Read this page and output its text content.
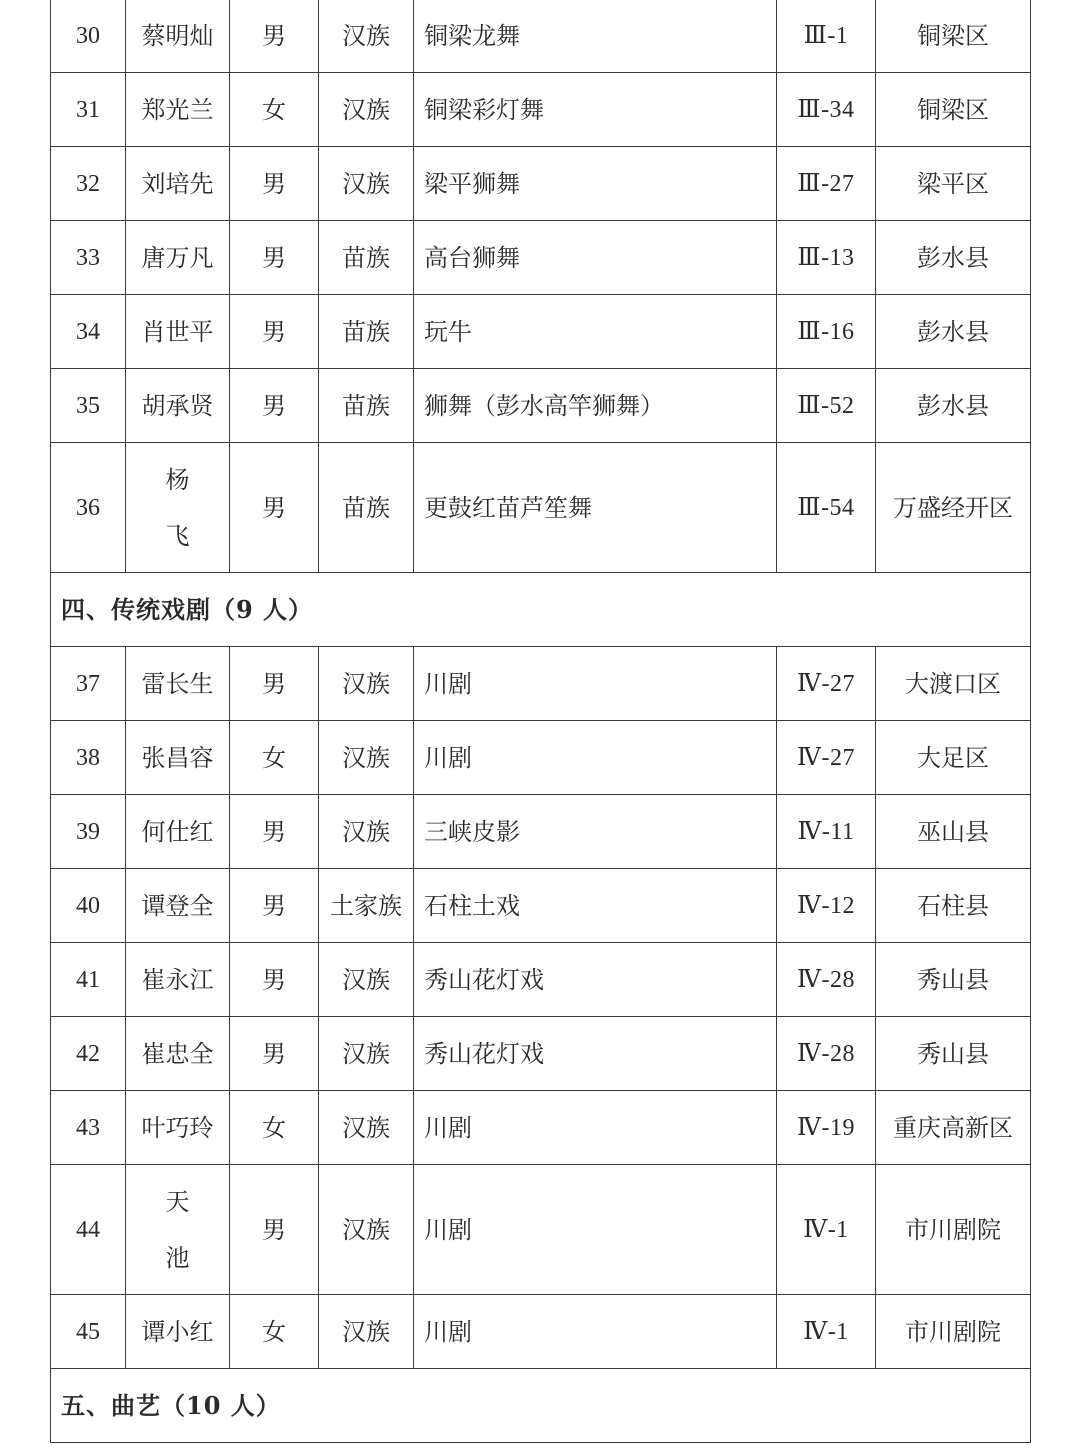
30	蔡明灿	男	汉族	铜梁龙舞	Ⅲ-1	铜梁区
31	郑光兰	女	汉族	铜梁彩灯舞	Ⅲ-34	铜梁区
32	刘培先	男	汉族	梁平狮舞	Ⅲ-27	梁平区
33	唐万凡	男	苗族	高台狮舞	Ⅲ-13	彭水县
34	肖世平	男	苗族	玩牛	Ⅲ-16	彭水县
35	胡承贤	男	苗族	狮舞（彭水高竿狮舞）	Ⅲ-52	彭水县
36	杨飞	男	苗族	更鼓红苗芦笙舞	Ⅲ-54	万盛经开区
四、传统戏剧（9 人）						
37	雷长生	男	汉族	川剧	Ⅳ-27	大渡口区
38	张昌容	女	汉族	川剧	Ⅳ-27	大足区
39	何仕红	男	汉族	三峡皮影	Ⅳ-11	巫山县
40	谭登全	男	土家族	石柱土戏	Ⅳ-12	石柱县
41	崔永江	男	汉族	秀山花灯戏	Ⅳ-28	秀山县
42	崔忠全	男	汉族	秀山花灯戏	Ⅳ-28	秀山县
43	叶巧玲	女	汉族	川剧	Ⅳ-19	重庆高新区
44	天池	男	汉族	川剧	Ⅳ-1	市川剧院
45	谭小红	女	汉族	川剧	Ⅳ-1	市川剧院
五、曲艺（10 人）						
